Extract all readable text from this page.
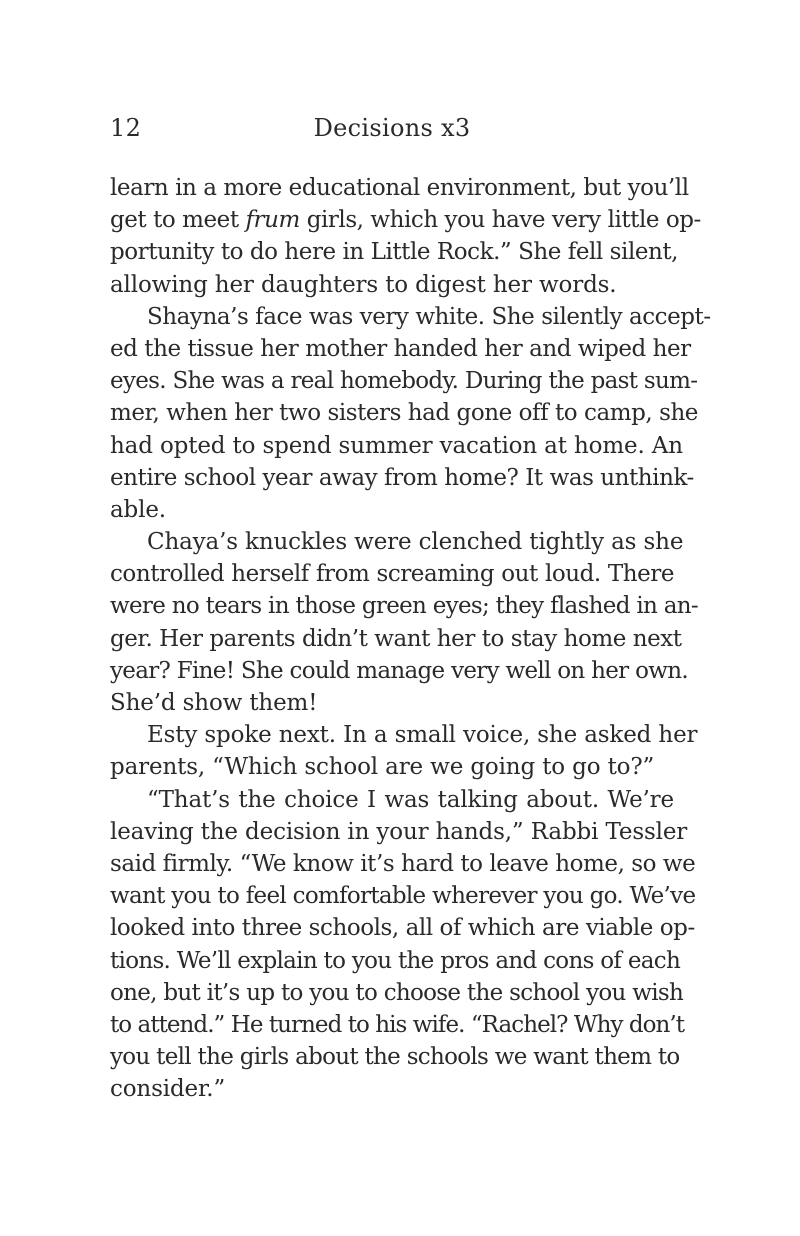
12	Decisions x3
learn in a more educational environment, but you’ll
get to meet frum girls, which you have very little op-
portunity to do here in Little Rock.” She fell silent,
allowing her daughters to digest her words.
Shayna’s face was very white. She silently accept-
ed the tissue her mother handed her and wiped her
eyes. She was a real homebody. During the past sum-
mer, when her two sisters had gone off to camp, she
had opted to spend summer vacation at home. An
entire school year away from home? It was unthink-
able.
Chaya’s knuckles were clenched tightly as she
controlled herself from screaming out loud. There
were no tears in those green eyes; they flashed in an-
ger. Her parents didn’t want her to stay home next
year? Fine! She could manage very well on her own.
She’d show them!
Esty spoke next. In a small voice, she asked her
parents, “Which school are we going to go to?”
“That’s the choice I was talking about. We’re
leaving the decision in your hands,” Rabbi Tessler
said firmly. “We know it’s hard to leave home, so we
want you to feel comfortable wherever you go. We’ve
looked into three schools, all of which are viable op-
tions. We’ll explain to you the pros and cons of each
one, but it’s up to you to choose the school you wish
to attend.” He turned to his wife. “Rachel? Why don’t
you tell the girls about the schools we want them to
consider.”
